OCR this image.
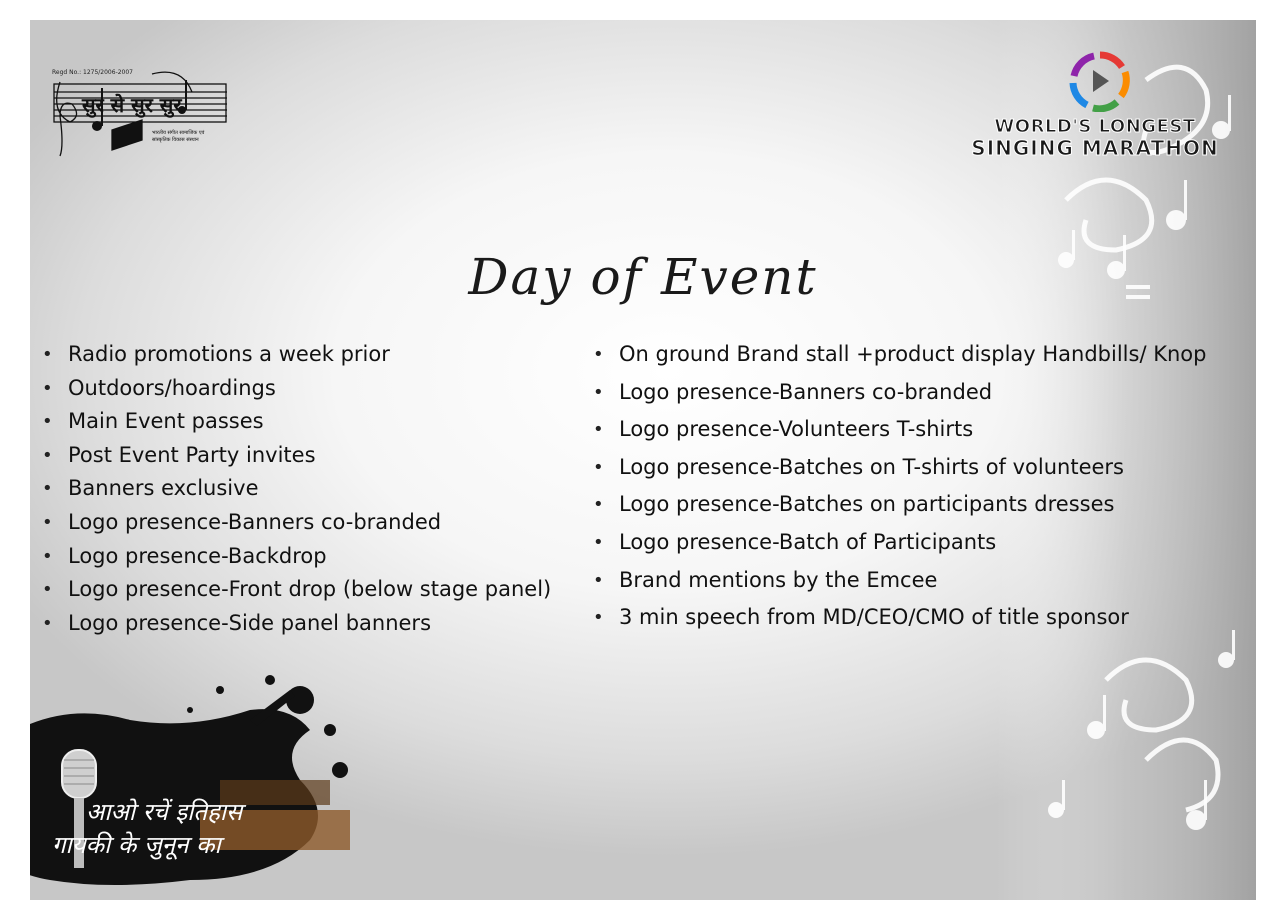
Regd No.: 1275/2006-2007
सुर से सुर सुर
भारतीय संगीत सामाजिक एवं
सांस्कृतिक विकास संस्थान
WORLD'S LONGEST
SINGING MARATHON
Day of Event
• Radio promotions a week prior
• Outdoors/hoardings
• Main Event passes
• Post Event Party invites
• Banners exclusive
• Logo presence-Banners co-branded
• Logo presence-Backdrop
• Logo presence-Front drop (below stage panel)
• Logo presence-Side panel banners
• On ground Brand stall +product display Handbills/ Knop
• Logo presence-Banners co-branded
• Logo presence-Volunteers T-shirts
• Logo presence-Batches on T-shirts of volunteers
• Logo presence-Batches on participants dresses
• Logo presence-Batch of Participants
• Brand mentions by the Emcee
• 3 min speech from MD/CEO/CMO of title sponsor
आओ रचें इतिहास
गायकी के जुनून का
